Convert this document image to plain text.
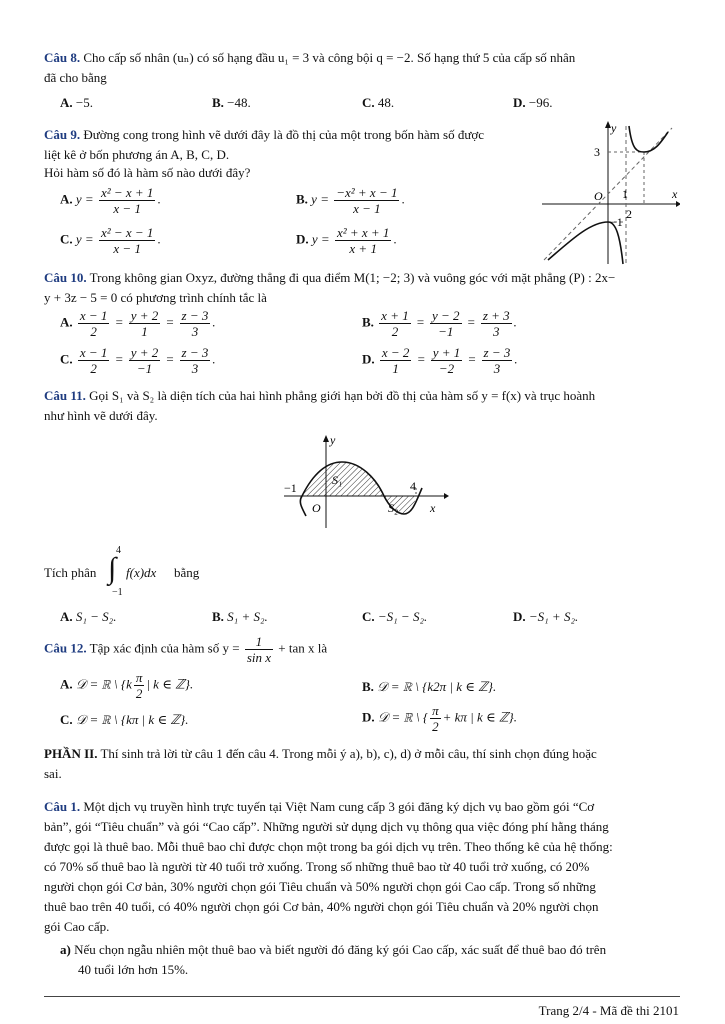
Câu 8. Cho cấp số nhân (uₙ) có số hạng đầu u₁ = 3 và công bội q = −2. Số hạng thứ 5 của cấp số nhân
đã cho bằng
A. −5.	B. −48.	C. 48.	D. −96.
Câu 9. Đường cong trong hình vẽ dưới đây là đồ thị của một trong bốn hàm số được
liệt kê ở bốn phương án A, B, C, D.
Hỏi hàm số đó là hàm số nào dưới đây?
A. $y = \frac{\text{x² − x + 1}}{x - 1}$ .	B. $y = \frac{\text{−x² + x − 1}}{x - 1}$ .
C. $y = \frac{\text{x² − x − 1}}{x - 1}$ .	D. $y = \frac{\text{x² + x + 1}}{x + 1}$ .
y
x
3
O 1
2
−1
Câu 10. Trong không gian Oxyz, đường thẳng đi qua điểm M(1; −2; 3) và vuông góc với mặt phẳng (P) : 2x−
y + 3z − 5 = 0 có phương trình chính tắc là
A. $\frac{x - 1}{2} = \frac{y + 2}{1} = \frac{z - 3}{3}$ .	B. $\frac{x + 1}{2} = \frac{y - 2}{-1} = \frac{z + 3}{3}$ .
C. $\frac{x - 1}{2} = \frac{y + 2}{-1} = \frac{z - 3}{3}$ .	D. $\frac{x - 2}{1} = \frac{y + 1}{-2} = \frac{z - 3}{3}$ .
Câu 11. Gọi S₁ và S₂ là diện tích của hai hình phẳng giới hạn bởi đồ thị của hàm số y = f(x) và trục hoành
như hình vẽ dưới đây.
y
x
−1
O
4
S₁
S₂
Tích phân
4
∫
−1
f(x)dx bằng
A. S₁ − S₂.	B. S₁ + S₂.	C. −S₁ − S₂.	D. −S₁ + S₂.
Câu 12. Tập xác định của hàm số $y = \frac{1}{\text{sin x}} + \tan x$ là
A. 𝒟 = ℝ \ {$k \frac{\pi}{2}$ | k ∈ ℤ}.	B. 𝒟 = ℝ \ {k2π | k ∈ ℤ}.
C. 𝒟 = ℝ \ {kπ | k ∈ ℤ}.	D. 𝒟 = ℝ \ { $\frac{\pi}{2} + k\pi$ | k ∈ ℤ}.
PHẦN II. Thí sinh trả lời từ câu 1 đến câu 4. Trong mỗi ý a), b), c), d) ở mỗi câu, thí sinh chọn đúng hoặc
sai.
Câu 1. Một dịch vụ truyền hình trực tuyến tại Việt Nam cung cấp 3 gói đăng ký dịch vụ bao gồm gói “Cơ
bản”, gói “Tiêu chuẩn” và gói “Cao cấp”. Những người sử dụng dịch vụ thông qua việc đóng phí hằng tháng
được gọi là thuê bao. Mỗi thuê bao chỉ được chọn một trong ba gói dịch vụ trên. Theo thống kê của hệ thống:
có 70% số thuê bao là người từ 40 tuổi trở xuống. Trong số những thuê bao từ 40 tuổi trở xuống, có 20%
người chọn gói Cơ bản, 30% người chọn gói Tiêu chuẩn và 50% người chọn gói Cao cấp. Trong số những
thuê bao trên 40 tuổi, có 40% người chọn gói Cơ bản, 40% người chọn gói Tiêu chuẩn và 20% người chọn
gói Cao cấp.
a) Nếu chọn ngẫu nhiên một thuê bao và biết người đó đăng ký gói Cao cấp, xác suất để thuê bao đó trên
40 tuổi lớn hơn 15%.
Trang 2/4 - Mã đề thi 2101
